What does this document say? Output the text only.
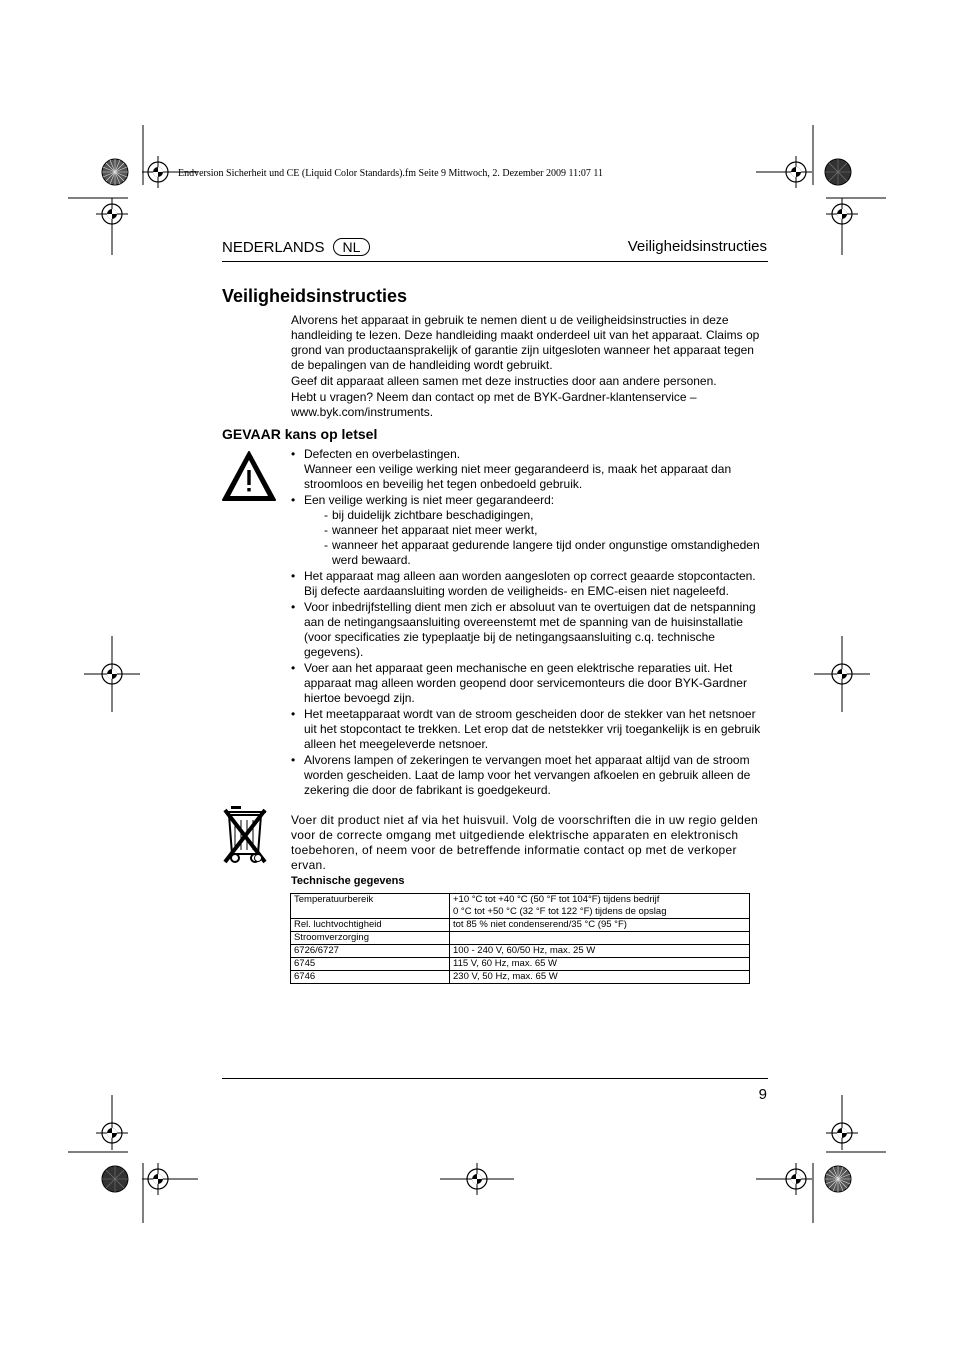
Endversion Sicherheit und CE (Liquid Color Standards).fm Seite 9 Mittwoch, 2. Dezember 2009 11:07 11
NEDERLANDS	NL	Veiligheidsinstructies
Veiligheidsinstructies

Alvorens het apparaat in gebruik te nemen dient u de veiligheidsinstructies in deze handleiding te lezen. Deze handleiding maakt onderdeel uit van het apparaat. Claims op grond van productaansprakelijk of garantie zijn uitgesloten wanneer het apparaat tegen de bepalingen van de handleiding wordt gebruikt.

Geef dit apparaat alleen samen met deze instructies door aan andere personen.

Hebt u vragen? Neem dan contact op met de BYK-Gardner-klantenservice – www.byk.com/instruments.

GEVAAR kans op letsel
• Defecten en overbelastingen.
Wanneer een veilige werking niet meer gegarandeerd is, maak het apparaat dan stroomloos en beveilig het tegen onbedoeld gebruik.
• Een veilige werking is niet meer gegarandeerd:
- bij duidelijk zichtbare beschadigingen,
- wanneer het apparaat niet meer werkt,
- wanneer het apparaat gedurende langere tijd onder ongunstige omstandigheden werd bewaard.
• Het apparaat mag alleen aan worden aangesloten op correct geaarde stopcontacten. Bij defecte aardaansluiting worden de veiligheids- en EMC-eisen niet nageleefd.
• Voor inbedrijfstelling dient men zich er absoluut van te overtuigen dat de netspanning aan de netingangsaansluiting overeenstemt met de spanning van de huisinstallatie (voor specificaties zie typeplaatje bij de netingangsaansluiting c.q. technische gegevens).
• Voer aan het apparaat geen mechanische en geen elektrische reparaties uit. Het apparaat mag alleen worden geopend door servicemonteurs die door BYK-Gardner hiertoe bevoegd zijn.
• Het meetapparaat wordt van de stroom gescheiden door de stekker van het netsnoer uit het stopcontact te trekken. Let erop dat de netstekker vrij toegankelijk is en gebruik alleen het meegeleverde netsnoer.
• Alvorens lampen of zekeringen te vervangen moet het apparaat altijd van de stroom worden gescheiden. Laat de lamp voor het vervangen afkoelen en gebruik alleen de zekering die door de fabrikant is goedgekeurd.
Voer dit product niet af via het huisvuil. Volg de voorschriften die in uw regio gelden voor de correcte omgang met uitgediende elektrische apparaten en elektronisch toebehoren, of neem voor de betreffende informatie contact op met de verkoper ervan.
Technische gegevens
Temperatuurbereik	+10 °C tot +40 °C (50 °F tot 104°F) tijdens bedrijf
0 °C tot +50 °C (32 °F tot 122 °F) tijdens de opslag

Rel. luchtvochtigheid	tot 85 % niet condenserend/35 °C (95 °F)
Stroomverzorging	
6726/6727	100 - 240 V, 60/50 Hz, max. 25 W
6745	115 V, 60 Hz, max. 65 W
6746	230 V, 50 Hz, max. 65 W
9
